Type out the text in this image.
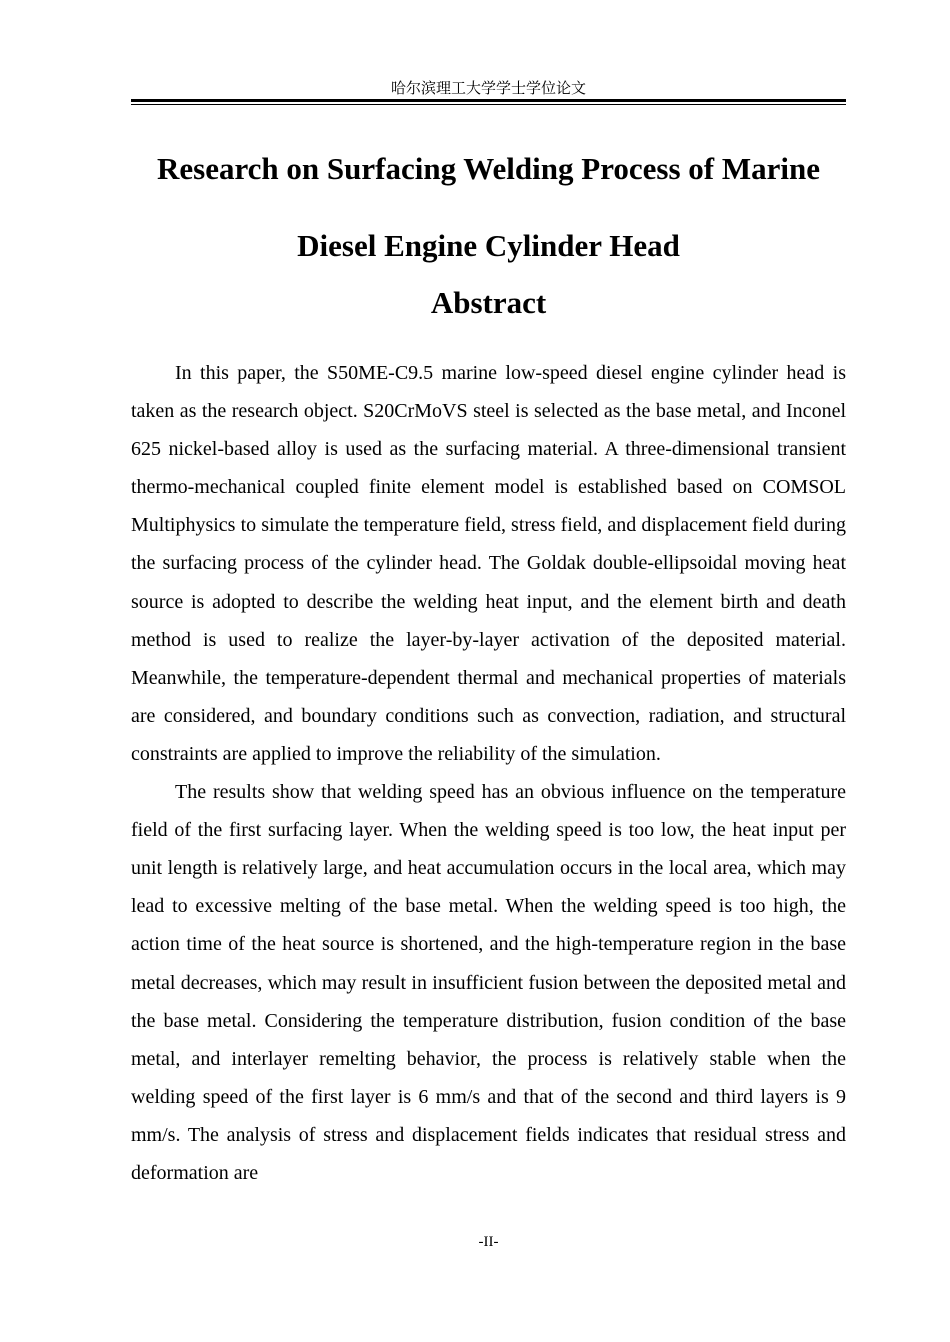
哈尔滨理工大学学士学位论文
Research on Surfacing Welding Process of Marine
Diesel Engine Cylinder Head
Abstract

In this paper, the S50ME-C9.5 marine low-speed diesel engine cylinder head is taken as the research object. S20CrMoVS steel is selected as the base metal, and Inconel 625 nickel-based alloy is used as the surfacing material. A three-dimensional transient thermo-mechanical coupled finite element model is established based on COMSOL Multiphysics to simulate the temperature field, stress field, and displacement field during the surfacing process of the cylinder head. The Goldak double-ellipsoidal moving heat source is adopted to describe the welding heat input, and the element birth and death method is used to realize the layer-by-layer activation of the deposited material. Meanwhile, the temperature-dependent thermal and mechanical properties of materials are considered, and boundary conditions such as convection, radiation, and structural constraints are applied to improve the reliability of the simulation.

The results show that welding speed has an obvious influence on the temperature field of the first surfacing layer. When the welding speed is too low, the heat input per unit length is relatively large, and heat accumulation occurs in the local area, which may lead to excessive melting of the base metal. When the welding speed is too high, the action time of the heat source is shortened, and the high-temperature region in the base metal decreases, which may result in insufficient fusion between the deposited metal and the base metal. Considering the temperature distribution, fusion condition of the base metal, and interlayer remelting behavior, the process is relatively stable when the welding speed of the first layer is 6 mm/s and that of the second and third layers is 9 mm/s. The analysis of stress and displacement fields indicates that residual stress and deformation are

-II-
